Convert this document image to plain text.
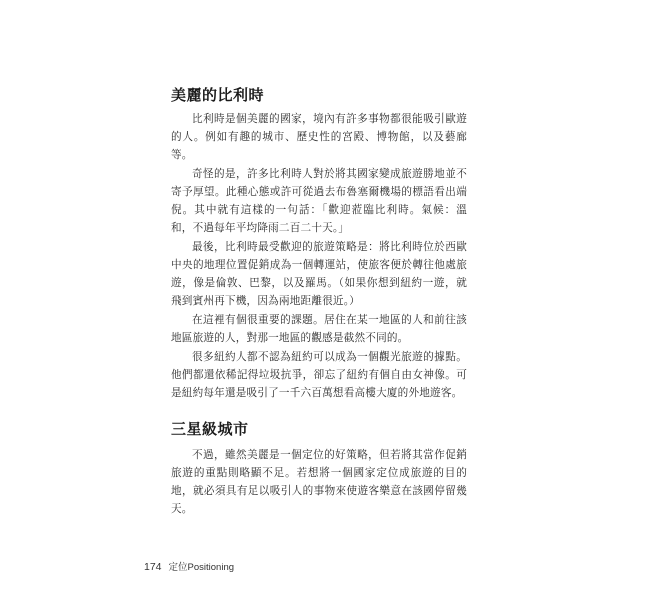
美麗的比利時

比利時是個美麗的國家，境內有許多事物都很能吸引歐遊的人。例如有趣的城市、歷史性的宮殿、博物館，以及藝廊等。

奇怪的是，許多比利時人對於將其國家變成旅遊勝地並不寄予厚望。此種心態或許可從過去布魯塞爾機場的標語看出端倪。其中就有這樣的一句話：「歡迎蒞臨比利時。氣候：溫和，不過每年平均降雨二百二十天。」

最後，比利時最受歡迎的旅遊策略是：將比利時位於西歐中央的地理位置促銷成為一個轉運站，使旅客便於轉往他處旅遊，像是倫敦、巴黎，以及羅馬。（如果你想到紐約一遊，就飛到賓州再下機，因為兩地距離很近。）

在這裡有個很重要的課題。居住在某一地區的人和前往該地區旅遊的人，對那一地區的觀感是截然不同的。

很多紐約人都不認為紐約可以成為一個觀光旅遊的據點。他們都還依稀記得垃圾抗爭，卻忘了紐約有個自由女神像。可是紐約每年還是吸引了一千六百萬想看高樓大廈的外地遊客。

三星級城市

不過，雖然美麗是一個定位的好策略，但若將其當作促銷旅遊的重點則略顯不足。若想將一個國家定位成旅遊的目的地，就必須具有足以吸引人的事物來使遊客樂意在該國停留幾天。

174 定位Positioning
